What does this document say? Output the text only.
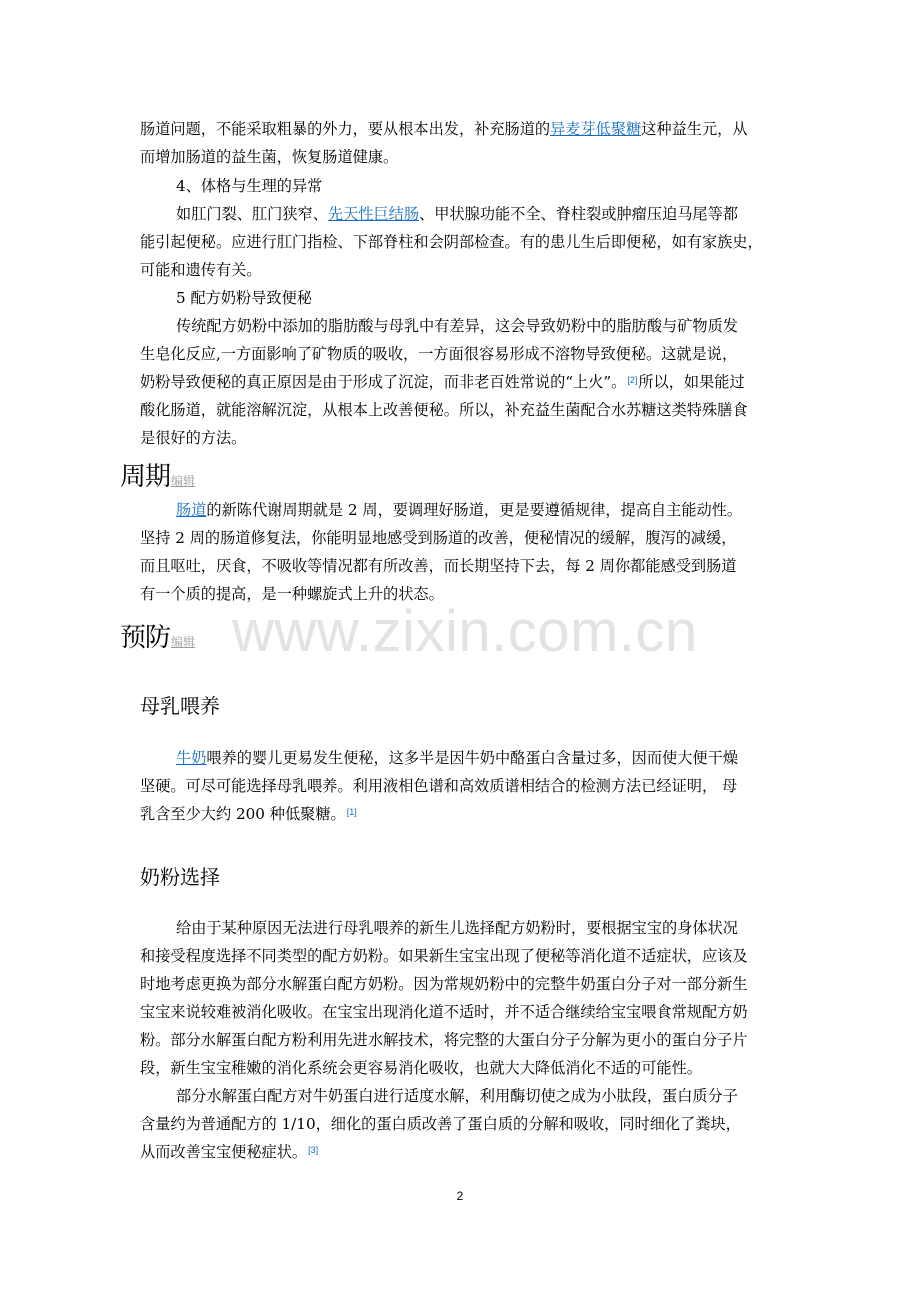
www.zixin.com.cn
肠道问题，不能采取粗暴的外力，要从根本出发，补充肠道的异麦芽低聚糖这种益生元，从
而增加肠道的益生菌，恢复肠道健康。
4、体格与生理的异常
如肛门裂、肛门狭窄、先天性巨结肠、甲状腺功能不全、脊柱裂或肿瘤压迫马尾等都
能引起便秘。应进行肛门指检、下部脊柱和会阴部检查。有的患儿生后即便秘，如有家族史，
可能和遗传有关。
5 配方奶粉导致便秘
传统配方奶粉中添加的脂肪酸与母乳中有差异，这会导致奶粉中的脂肪酸与矿物质发
生皂化反应,一方面影响了矿物质的吸收，一方面很容易形成不溶物导致便秘。这就是说，
奶粉导致便秘的真正原因是由于形成了沉淀，而非老百姓常说的“上火”。[2]所以，如果能过
酸化肠道，就能溶解沉淀，从根本上改善便秘。所以，补充益生菌配合水苏糖这类特殊膳食
是很好的方法。
周期编辑
肠道的新陈代谢周期就是 2 周，要调理好肠道，更是要遵循规律，提高自主能动性。
坚持 2 周的肠道修复法，你能明显地感受到肠道的改善，便秘情况的缓解，腹泻的减缓，
而且呕吐，厌食，不吸收等情况都有所改善，而长期坚持下去，每 2 周你都能感受到肠道
有一个质的提高，是一种螺旋式上升的状态。
预防编辑
母乳喂养
牛奶喂养的婴儿更易发生便秘，这多半是因牛奶中酪蛋白含量过多，因而使大便干燥
坚硬。可尽可能选择母乳喂养。利用液相色谱和高效质谱相结合的检测方法已经证明， 母
乳含至少大约 200 种低聚糖。[1]
奶粉选择
给由于某种原因无法进行母乳喂养的新生儿选择配方奶粉时，要根据宝宝的身体状况
和接受程度选择不同类型的配方奶粉。如果新生宝宝出现了便秘等消化道不适症状，应该及
时地考虑更换为部分水解蛋白配方奶粉。因为常规奶粉中的完整牛奶蛋白分子对一部分新生
宝宝来说较难被消化吸收。在宝宝出现消化道不适时，并不适合继续给宝宝喂食常规配方奶
粉。部分水解蛋白配方粉利用先进水解技术，将完整的大蛋白分子分解为更小的蛋白分子片
段，新生宝宝稚嫩的消化系统会更容易消化吸收，也就大大降低消化不适的可能性。
部分水解蛋白配方对牛奶蛋白进行适度水解，利用酶切使之成为小肽段，蛋白质分子
含量约为普通配方的 1/10，细化的蛋白质改善了蛋白质的分解和吸收，同时细化了粪块，
从而改善宝宝便秘症状。[3]
2
